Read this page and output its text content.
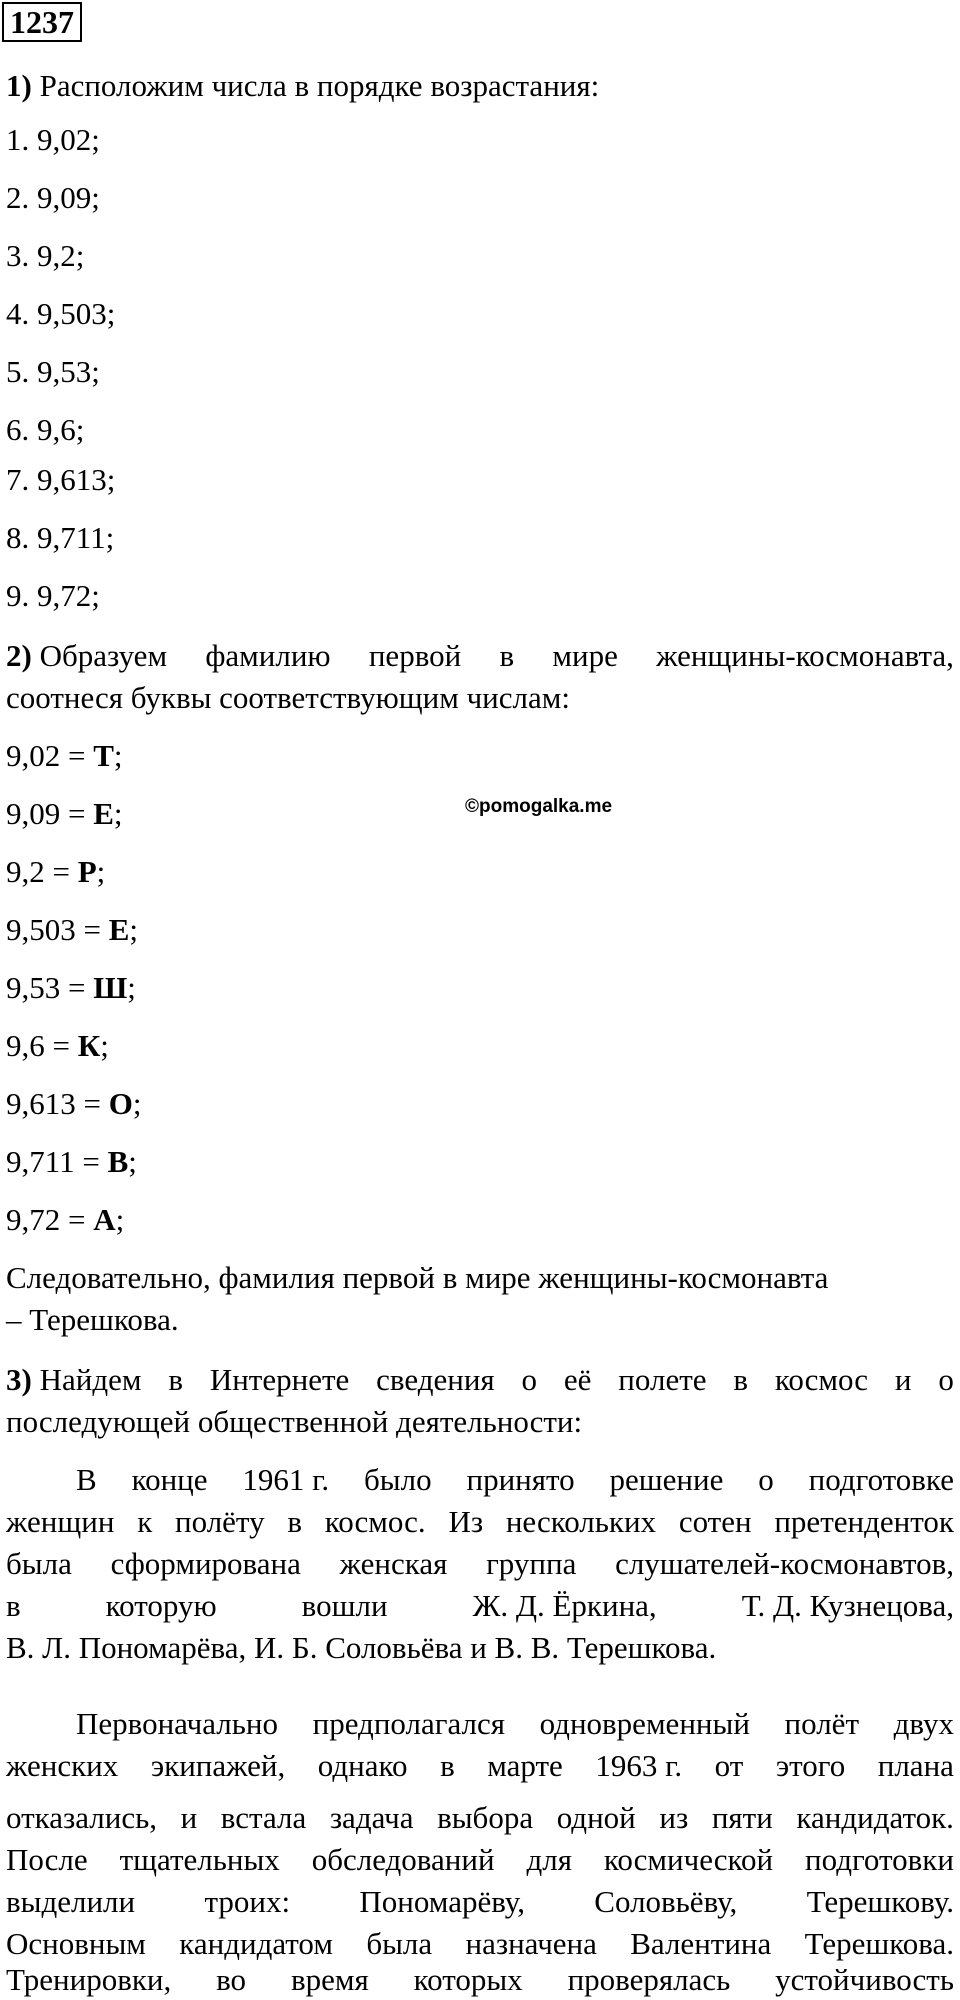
1237
1) Расположим числа в порядке возрастания:
1. 9,02;
2. 9,09;
3. 9,2;
4. 9,503;
5. 9,53;
6. 9,6;
7. 9,613;
8. 9,711;
9. 9,72;
2) Образуем фамилию первой в мире женщины-космонавта,
соотнеся буквы соответствующим числам:
9,02 = Т;
9,09 = Е;
9,2 = Р;
9,503 = Е;
9,53 = Ш;
9,6 = К;
9,613 = О;
9,711 = В;
9,72 = А;
Следовательно, фамилия первой в мире женщины-космонавта
– Терешкова.
©pomogalka.me
3) Найдем в Интернете сведения о её полете в космос и о
последующей общественной деятельности:
В конце 1961 г. было принято решение о подготовке
женщин к полёту в космос. Из нескольких сотен претенденток
была сформирована женская группа слушателей-космонавтов,
в	которую	вошли	Ж. Д. Ёркина,	Т. Д. Кузнецова,
В. Л. Пономарёва, И. Б. Соловьёва и В. В. Терешкова.
Первоначально предполагался одновременный полёт двух
женских экипажей, однако в марте 1963 г. от этого плана
отказались, и встала задача выбора одной из пяти кандидаток.
После тщательных обследований для космической подготовки
выделили троих: Пономарёву, Соловьёву, Терешкову.
Основным кандидатом была назначена Валентина Терешкова.
Тренировки, во время которых проверялась устойчивость
